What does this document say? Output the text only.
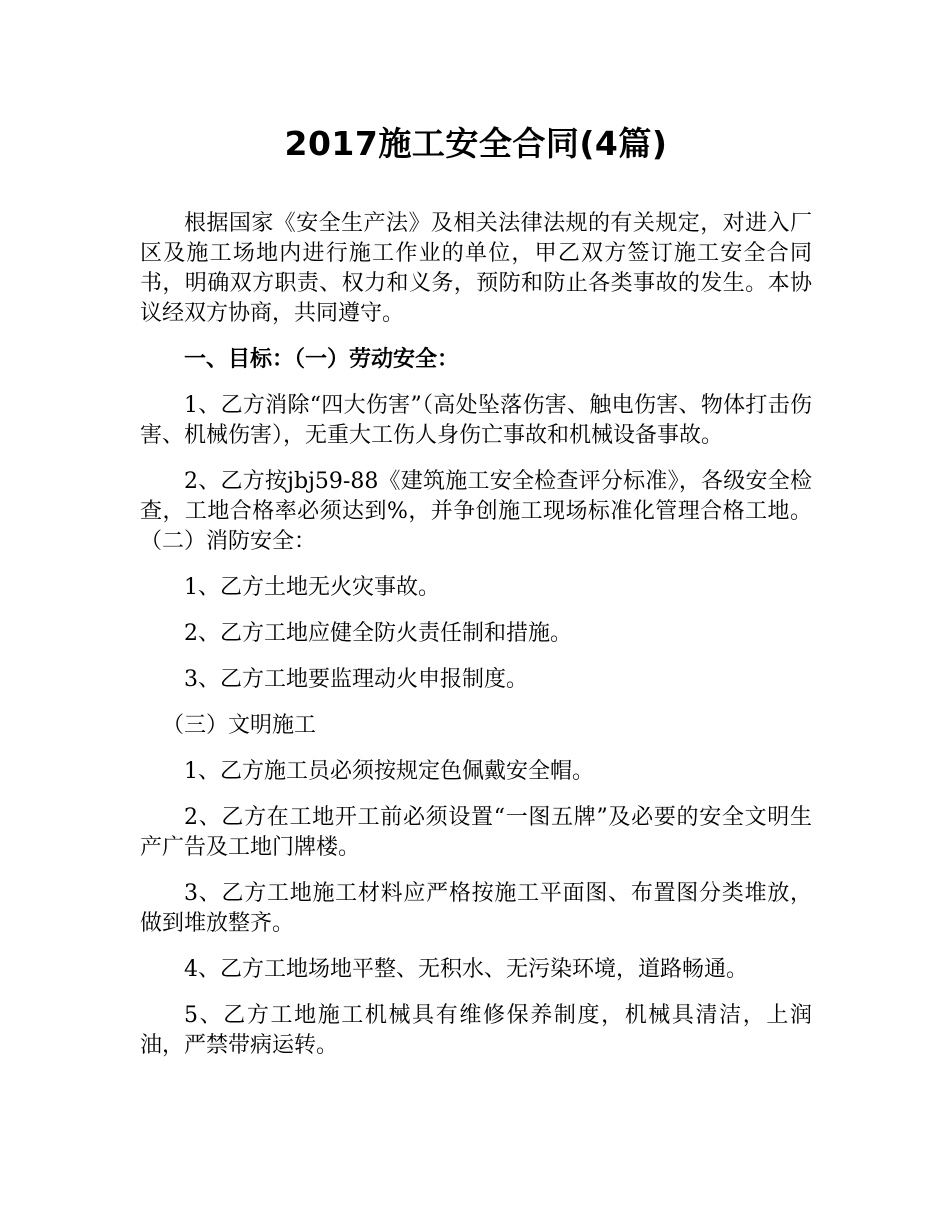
2017施工安全合同(4篇)

根据国家《安全生产法》及相关法律法规的有关规定，对进入厂区及施工场地内进行施工作业的单位，甲乙双方签订施工安全合同书，明确双方职责、权力和义务，预防和防止各类事故的发生。本协议经双方协商，共同遵守。

一、目标：（一）劳动安全：

1、乙方消除“四大伤害”（高处坠落伤害、触电伤害、物体打击伤害、机械伤害），无重大工伤人身伤亡事故和机械设备事故。

2、乙方按jbj59-88《建筑施工安全检查评分标准》，各级安全检查，工地合格率必须达到%，并争创施工现场标准化管理合格工地。（二）消防安全：

1、乙方土地无火灾事故。

2、乙方工地应健全防火责任制和措施。

3、乙方工地要监理动火申报制度。

（三）文明施工

1、乙方施工员必须按规定色佩戴安全帽。

2、乙方在工地开工前必须设置“一图五牌”及必要的安全文明生产广告及工地门牌楼。

3、乙方工地施工材料应严格按施工平面图、布置图分类堆放，做到堆放整齐。

4、乙方工地场地平整、无积水、无污染环境，道路畅通。

5、乙方工地施工机械具有维修保养制度，机械具清洁，上润油，严禁带病运转。
